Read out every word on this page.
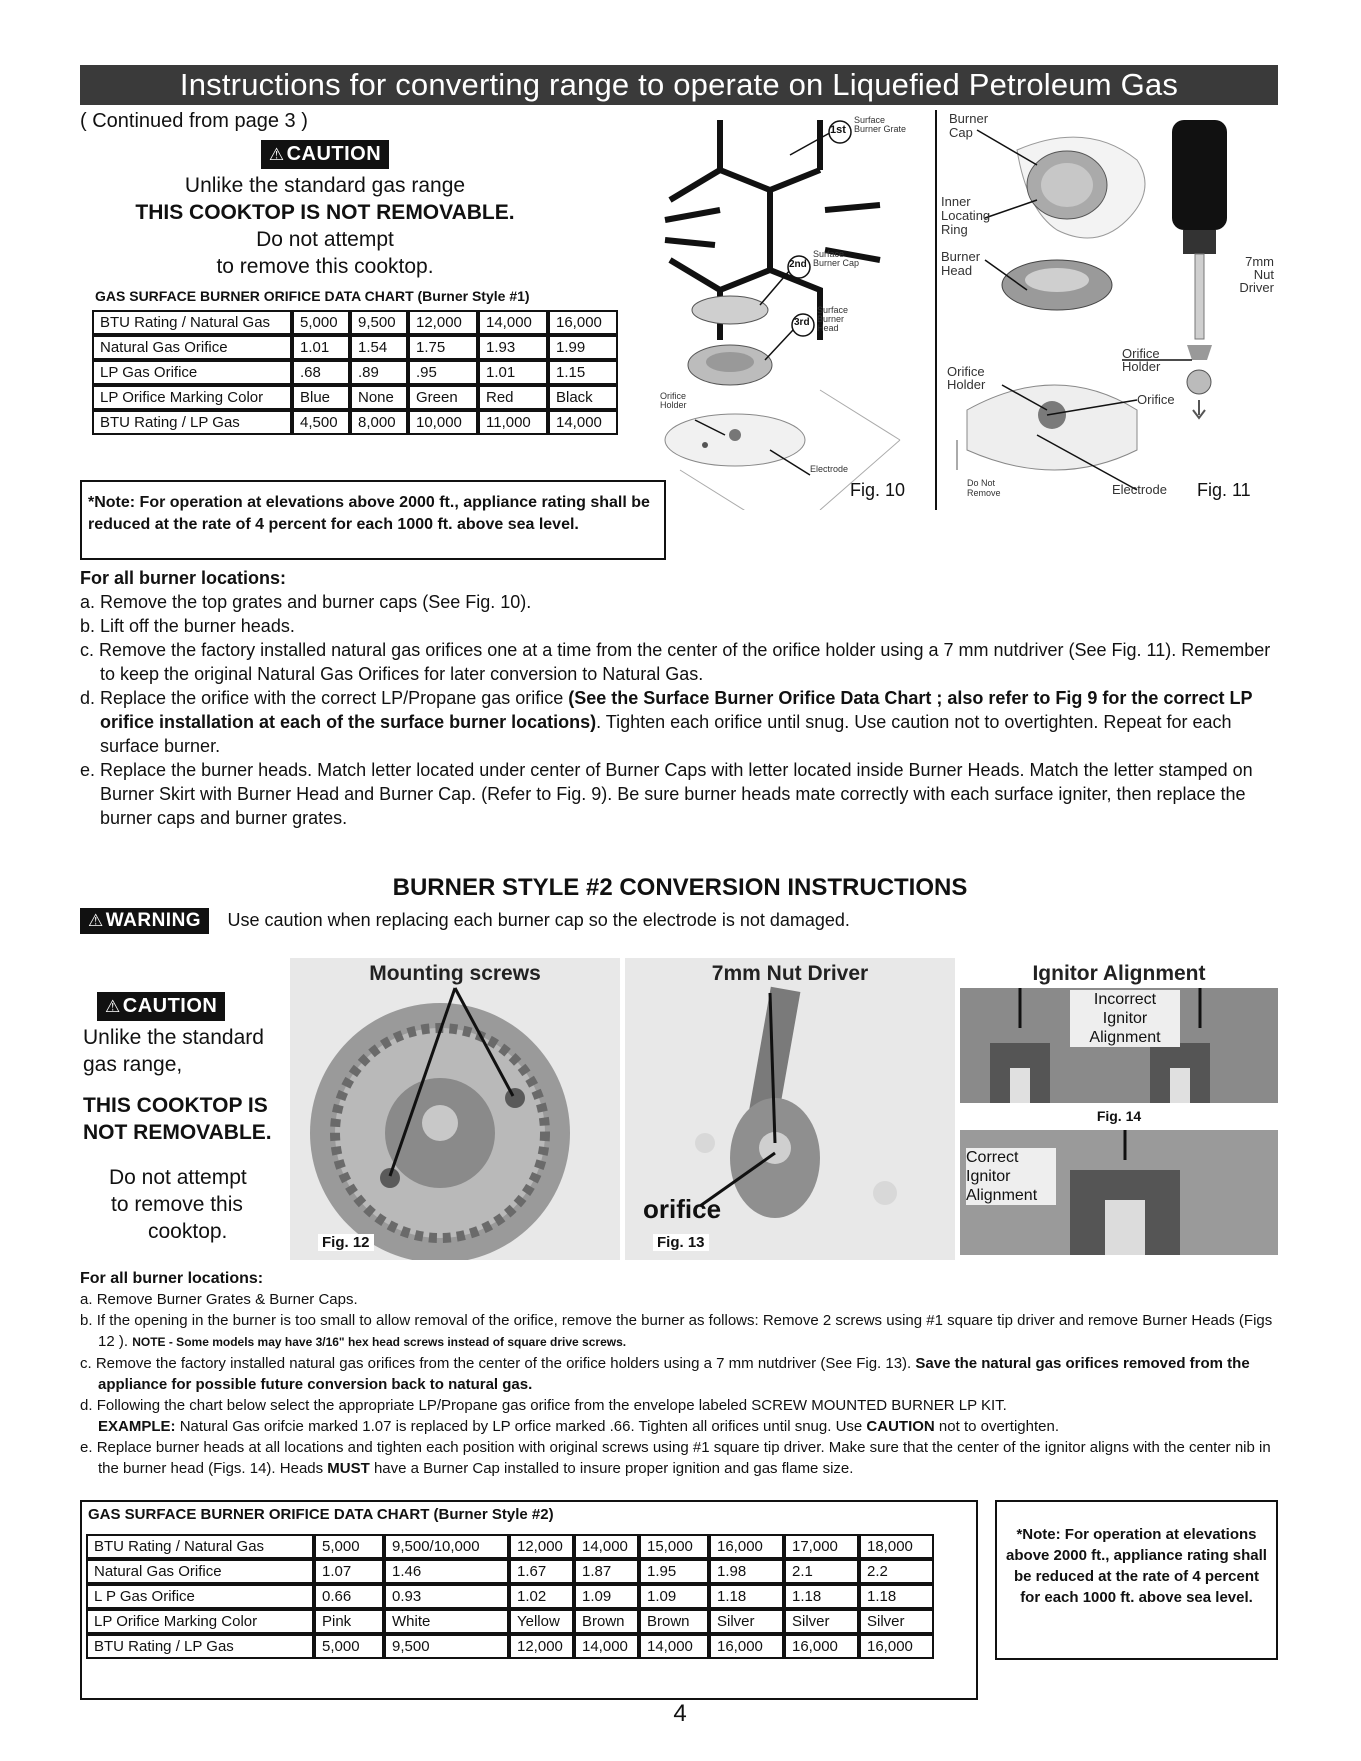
Instructions for converting range to operate on Liquefied Petroleum Gas
( Continued from page 3 )
⚠ CAUTION
Unlike the standard gas range
THIS COOKTOP IS NOT REMOVABLE.
Do not attempt
to remove this cooktop.
GAS SURFACE BURNER ORIFICE DATA CHART (Burner Style #1)
BTU Rating / Natural Gas	5,000	9,500	12,000	14,000	16,000
Natural Gas Orifice	1.01	1.54	1.75	1.93	1.99
LP Gas Orifice	.68	.89	.95	1.01	1.15
LP Orifice Marking Color	Blue	None	Green	Red	Black
BTU Rating / LP Gas	4,500	8,000	10,000	11,000	14,000
*Note: For operation at elevations above 2000 ft., appliance rating shall be reduced at the rate of 4 percent for each 1000 ft. above sea level.
1st
Surface Burner Grate
2nd
Surface Burner Cap
3rd
Surface Burner Head
Orifice Holder
Electrode
Fig. 10
Burner Cap
Inner Locating Ring
Burner Head
7mm Nut Driver
Orifice Holder
Orifice Holder
Orifice
Do Not Remove	Electrode Fig. 11
For all burner locations:

a. Remove the top grates and burner caps (See Fig. 10).

b. Lift off the burner heads.

c. Remove the factory installed natural gas orifices one at a time from the center of the orifice holder using a 7 mm nutdriver (See Fig. 11). Remember to keep the original Natural Gas Orifices for later conversion to Natural Gas.

d. Replace the orifice with the correct LP/Propane gas orifice (See the Surface Burner Orifice Data Chart ; also refer to Fig 9 for the correct LP orifice installation at each of the surface burner locations). Tighten each orifice until snug. Use caution not to overtighten. Repeat for each surface burner.

e. Replace the burner heads. Match letter located under center of Burner Caps with letter located inside Burner Heads. Match the letter stamped on Burner Skirt with Burner Head and Burner Cap. (Refer to Fig. 9). Be sure burner heads mate correctly with each surface igniter, then replace the burner caps and burner grates.

BURNER STYLE #2 CONVERSION INSTRUCTIONS
⚠ WARNING Use caution when replacing each burner cap so the electrode is not damaged.
⚠ CAUTION
Unlike the standard
gas range,
THIS COOKTOP IS
NOT REMOVABLE.
Do not attempt
to remove this
cooktop.
Mounting screws
Fig. 12
7mm Nut Driver
orifice
Fig. 13
Ignitor Alignment
Incorrect Ignitor Alignment
Fig. 14
Correct Ignitor Alignment
For all burner locations:

a. Remove Burner Grates & Burner Caps.

b. If the opening in the burner is too small to allow removal of the orifice, remove the burner as follows: Remove 2 screws using #1 square tip driver and remove Burner Heads (Figs 12 ). NOTE - Some models may have 3/16" hex head screws instead of square drive screws.

c. Remove the factory installed natural gas orifices from the center of the orifice holders using a 7 mm nutdriver (See Fig. 13). Save the natural gas orifices removed from the appliance for possible future conversion back to natural gas.

d. Following the chart below select the appropriate LP/Propane gas orifice from the envelope labeled SCREW MOUNTED BURNER LP KIT.
EXAMPLE: Natural Gas orifcie marked 1.07 is replaced by LP orfice marked .66. Tighten all orifices until snug. Use CAUTION not to overtighten.

e. Replace burner heads at all locations and tighten each position with original screws using #1 square tip driver. Make sure that the center of the ignitor aligns with the center nib in the burner head (Figs. 14). Heads MUST have a Burner Cap installed to insure proper ignition and gas flame size.

GAS SURFACE BURNER ORIFICE DATA CHART (Burner Style #2)
BTU Rating / Natural Gas	5,000	9,500/10,000	12,000	14,000	15,000	16,000	17,000	18,000
Natural Gas Orifice	1.07	1.46	1.67	1.87	1.95	1.98	2.1	2.2
L P Gas Orifice	0.66	0.93	1.02	1.09	1.09	1.18	1.18	1.18
LP Orifice Marking Color	Pink	White	Yellow	Brown	Brown	Silver	Silver	Silver
BTU Rating / LP Gas	5,000	9,500	12,000	14,000	14,000	16,000	16,000	16,000
*Note: For operation at elevations above 2000 ft., appliance rating shall be reduced at the rate of 4 percent for each 1000 ft. above sea level.
4
